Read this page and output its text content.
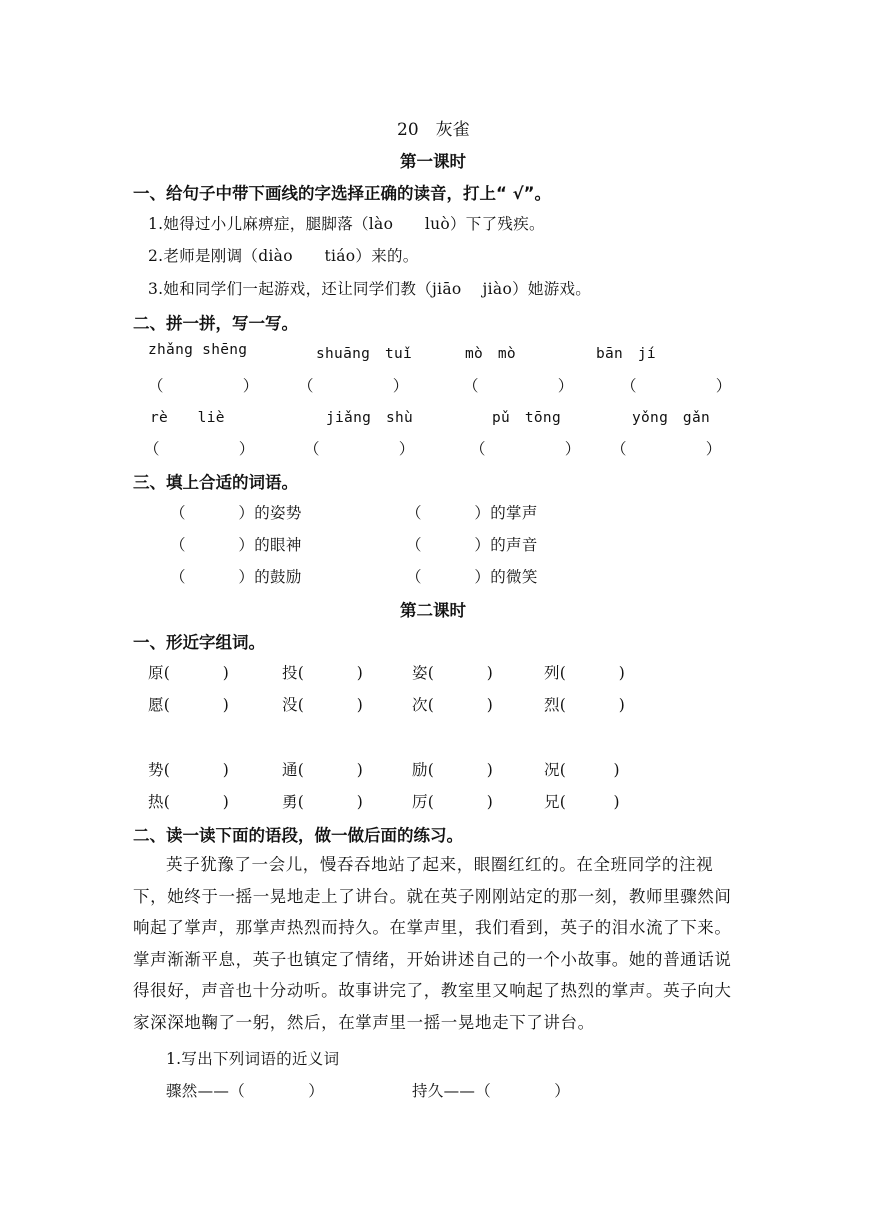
20　灰雀
第一课时
一、给句子中带下画线的字选择正确的读音，打上“ √”。
1.她得过小儿麻痹症，腿脚落（lào　　luò）下了残疾。
2.老师是刚调（diào　　tiáo）来的。
3.她和同学们一起游戏，还让同学们教（jiāo　 jiào）她游戏。
二、拼一拼，写一写。
zhǎng shēng	shuāng　tuǐ	mò　mò	bān　jí
（　　　　　）	（　　　　　）	（　　　　　）	（　　　　　）
rè　　liè	jiǎng　shù	pǔ　tōng	yǒng　gǎn
（　　　　　）	（　　　　　）	（　　　　　） （　　　　　）
三、填上合适的词语。
（　　　 ）的姿势	（　　　 ）的掌声
（　　　 ）的眼神	（　　　 ）的声音
（　　　 ）的鼓励	（　　　 ）的微笑
第二课时
一、形近字组词。
原(　　　 )	投(　　　 )	姿(　　　 )	列(　　　 )
愿(　　　 )	没(　　　 )	次(　　　 )	烈(　　　 )
势(　　　 )	通(　　　 )	励(　　　 )	况(　　　)
热(　　　 )	勇(　　　 )	厉(　　　 )	兄(　　　)
二、读一读下面的语段，做一做后面的练习。
英子犹豫了一会儿，慢吞吞地站了起来，眼圈红红的。在全班同学的注视下，她终于一摇一晃地走上了讲台。就在英子刚刚站定的那一刻，教师里骤然间响起了掌声，那掌声热烈而持久。在掌声里，我们看到，英子的泪水流了下来。掌声渐渐平息，英子也镇定了情绪，开始讲述自己的一个小故事。她的普通话说得很好，声音也十分动听。故事讲完了，教室里又响起了热烈的掌声。英子向大家深深地鞠了一躬，然后，在掌声里一摇一晃地走下了讲台。
1.写出下列词语的近义词
骤然——（　　　　）	持久——（　　　　）
